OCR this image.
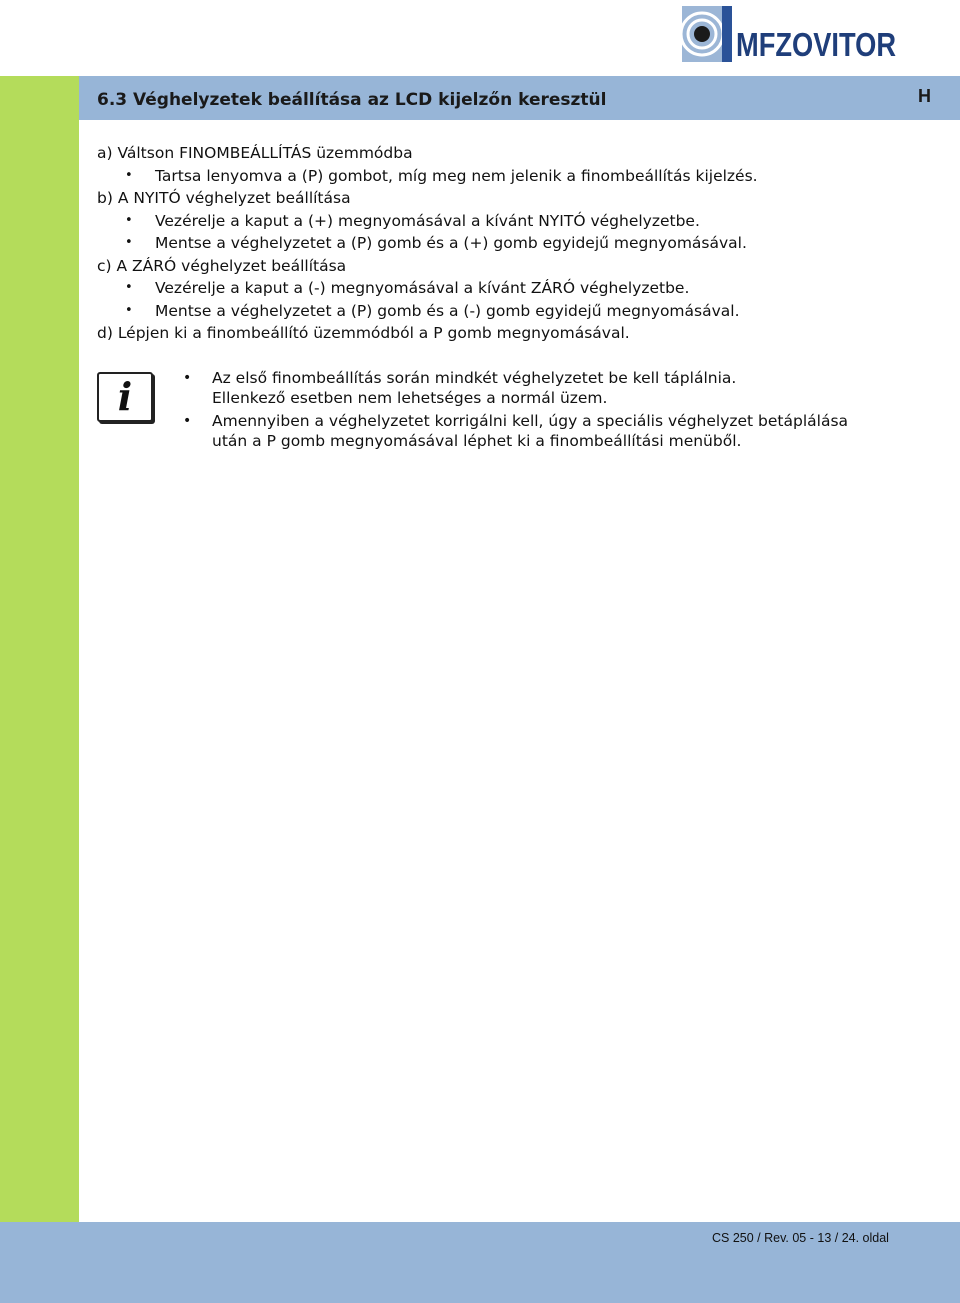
MFZOVITOR
6.3 Véghelyzetek beállítása az LCD kijelzőn keresztül	H
a) Váltson FINOMBEÁLLÍTÁS üzemmódba
• Tartsa lenyomva a (P) gombot, míg meg nem jelenik a finombeállítás kijelzés.
b) A NYITÓ véghelyzet beállítása
• Vezérelje a kaput a (+) megnyomásával a kívánt NYITÓ véghelyzetbe.
• Mentse a véghelyzetet a (P) gomb és a (+) gomb egyidejű megnyomásával.
c) A ZÁRÓ véghelyzet beállítása
• Vezérelje a kaput a (-) megnyomásával a kívánt ZÁRÓ véghelyzetbe.
• Mentse a véghelyzetet a (P) gomb és a (-) gomb egyidejű megnyomásával.
d) Lépjen ki a finombeállító üzemmódból a P gomb megnyomásával.
i
•	Az első finombeállítás során mindkét véghelyzetet be kell táplálnia.
Ellenkező esetben nem lehetséges a normál üzem.
• Amennyiben a véghelyzetet korrigálni kell, úgy a speciális véghelyzet betáplálása
után a P gomb megnyomásával léphet ki a finombeállítási menüből.
CS 250 / Rev. 05 - 13 / 24. oldal
